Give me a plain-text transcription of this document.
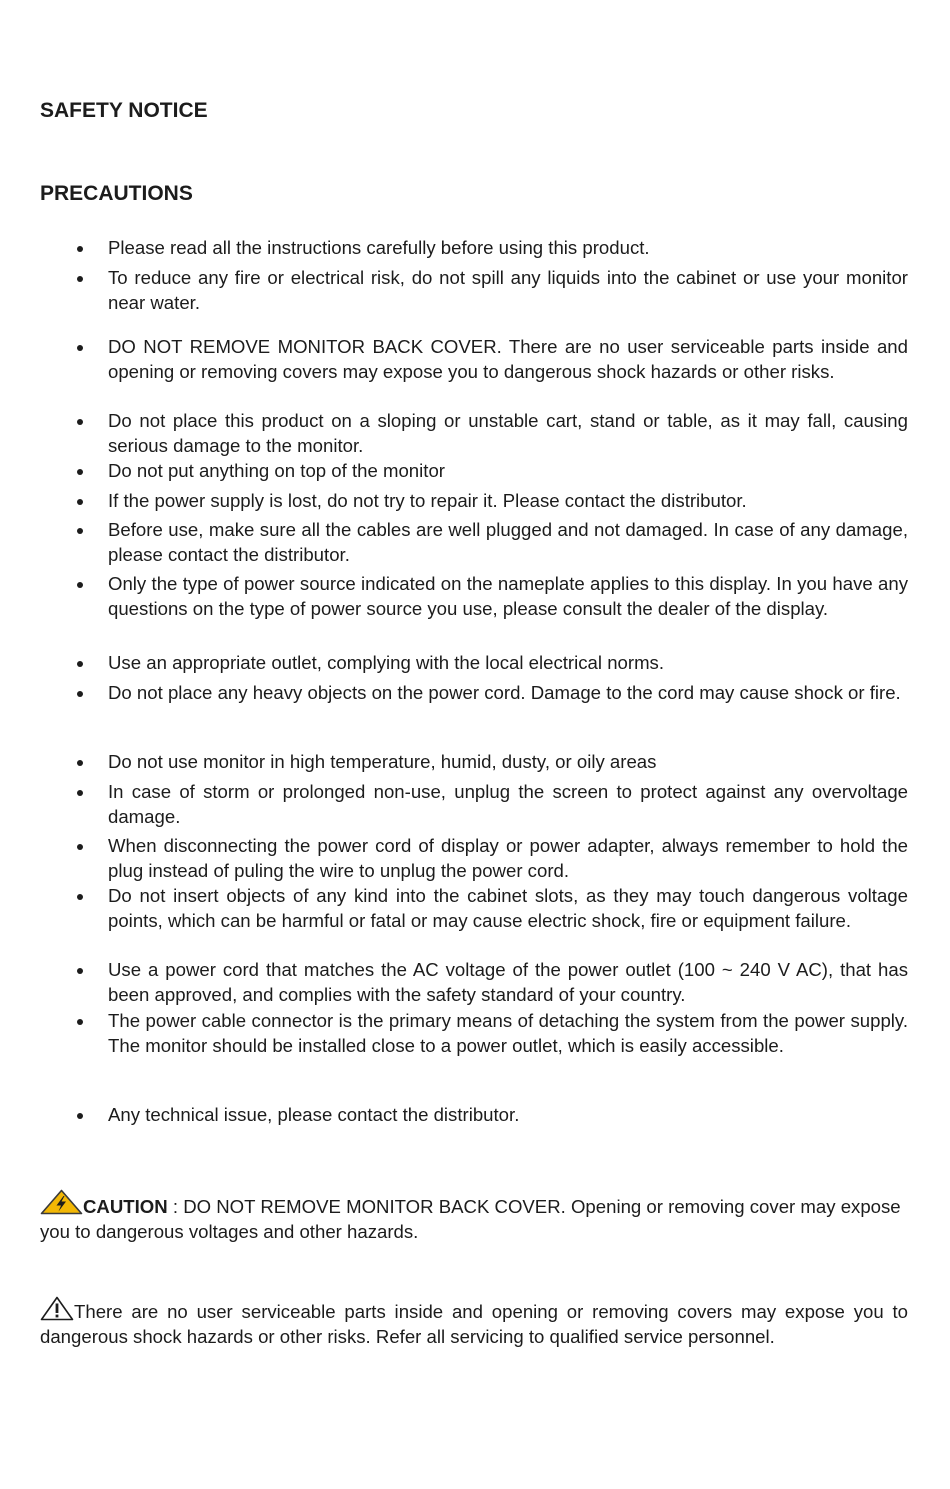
SAFETY NOTICE
PRECAUTIONS
Please read all the instructions carefully before using this product.
To reduce any fire or electrical risk, do not spill any liquids into the cabinet or use your monitor near water.
DO NOT REMOVE MONITOR BACK COVER. There are no user serviceable parts inside and opening or removing covers may expose you to dangerous shock hazards or other risks.
Do not place this product on a sloping or unstable cart, stand or table, as it may fall, causing serious damage to the monitor.
Do not put anything on top of the monitor
If the power supply is lost, do not try to repair it. Please contact the distributor.
Before use, make sure all the cables are well plugged and not damaged. In case of any damage, please contact the distributor.
Only the type of power source indicated on the nameplate applies to this display. In you have any questions on the type of power source you use, please consult the dealer of the display.
Use an appropriate outlet, complying with the local electrical norms.
Do not place any heavy objects on the power cord. Damage to the cord may cause shock or fire.
Do not use monitor in high temperature, humid, dusty, or oily areas
In case of storm or prolonged non-use, unplug the screen to protect against any overvoltage damage.
When disconnecting the power cord of display or power adapter, always remember to hold the plug instead of puling the wire to unplug the power cord.
Do not insert objects of any kind into the cabinet slots, as they may touch dangerous voltage points, which can be harmful or fatal or may cause electric shock, fire or equipment failure.
Use a power cord that matches the AC voltage of the power outlet (100 ~ 240 V AC), that has been approved, and complies with the safety standard of your country.
The power cable connector is the primary means of detaching the system from the power supply. The monitor should be installed close to a power outlet, which is easily accessible.
Any technical issue, please contact the distributor.

CAUTION : DO NOT REMOVE MONITOR BACK COVER. Opening or removing cover may expose you to dangerous voltages and other hazards.

There are no user serviceable parts inside and opening or removing covers may expose you to dangerous shock hazards or other risks. Refer all servicing to qualified service personnel.
